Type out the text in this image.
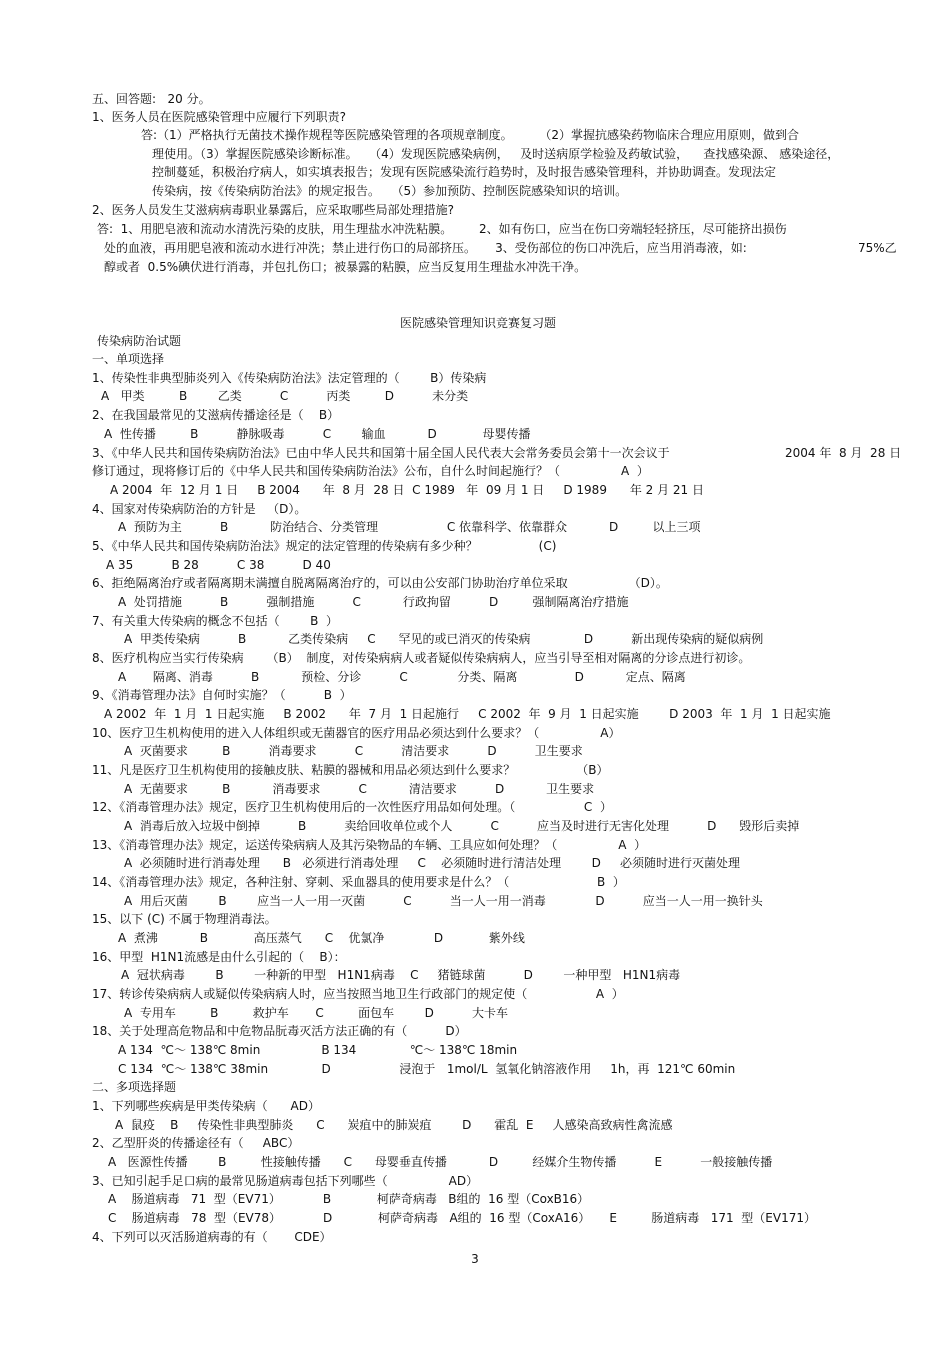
五、回答题:   20 分。

1、医务人员在医院感染管理中应履行下列职责?

答:（1）严格执行无菌技术操作规程等医院感染管理的各项规章制度。       （2）掌握抗感染药物临床合理应用原则，做到合

理使用。（3）掌握医院感染诊断标准。   （4）发现医院感染病例，   及时送病原学检验及药敏试验，    查找感染源、 感染途径，

控制蔓延，积极治疗病人，如实填表报告；发现有医院感染流行趋势时，及时报告感染管理科，并协助调查。发现法定

传染病，按《传染病防治法》的规定报告。   （5）参加预防、控制医院感染知识的培训。

2、医务人员发生艾滋病病毒职业暴露后，应采取哪些局部处理措施?

答:  1、用肥皂液和流动水清洗污染的皮肤，用生理盐水冲洗粘膜。       2、如有伤口，应当在伤口旁端轻轻挤压，尽可能挤出损伤

处的血液，再用肥皂液和流动水进行冲洗；禁止进行伤口的局部挤压。     3、受伤部位的伤口冲洗后，应当用消毒液，如:	75%乙

醇或者  0.5%碘伏进行消毒，并包扎伤口；被暴露的粘膜，应当反复用生理盐水冲洗干净。

医院感染管理知识竞赛复习题

传染病防治试题

一、单项选择

1、传染性非典型肺炎列入《传染病防治法》法定管理的（        B）传染病

A   甲类         B        乙类          C          丙类         D          未分类

2、在我国最常见的艾滋病传播途径是（    B）

A  性传播         B          静脉吸毒          C        输血           D            母婴传播

3、《中华人民共和国传染病防治法》已由中华人民共和国第十届全国人民代表大会常务委员会第十一次会议于	2004 年  8 月  28 日

修订通过，现将修订后的《中华人民共和国传染病防治法》公布，自什么时间起施行？（                A  ）

A 2004  年  12 月 1 日     B 2004      年  8 月  28 日  C 1989   年  09 月 1 日     D 1989      年 2 月 21 日

4、国家对传染病防治的方针是   （D）。

A  预防为主          B           防治结合、分类管理                  C 依靠科学、依靠群众           D         以上三项

5、《中华人民共和国传染病防治法》规定的法定管理的传染病有多少种？                (C)

A 35          B 28          C 38          D 40

6、拒绝隔离治疗或者隔离期未满擅自脱离隔离治疗的，可以由公安部门协助治疗单位采取                （D）。

A  处罚措施          B          强制措施          C           行政拘留          D         强制隔离治疗措施

7、有关重大传染病的概念不包括（        B  ）

A  甲类传染病          B           乙类传染病     C      罕见的或已消灭的传染病              D          新出现传染病的疑似病例

8、医疗机构应当实行传染病      （B）  制度，对传染病病人或者疑似传染病病人，应当引导至相对隔离的分诊点进行初诊。

A       隔离、消毒          B           预检、分诊          C             分类、隔离               D           定点、隔离

9、《消毒管理办法》自何时实施？（          B  ）

A 2002  年  1 月  1 日起实施     B 2002      年  7 月  1 日起施行     C 2002  年  9 月  1 日起实施        D 2003  年  1 月  1 日起实施

10、医疗卫生机构使用的进入人体组织或无菌器官的医疗用品必须达到什么要求？（                A）

A  灭菌要求         B          消毒要求          C          清洁要求          D          卫生要求

11、凡是医疗卫生机构使用的接触皮肤、粘膜的器械和用品必须达到什么要求？                （B）

A  无菌要求         B           消毒要求          C           清洁要求          D           卫生要求

12、《消毒管理办法》规定，医疗卫生机构使用后的一次性医疗用品如何处理。（                  C  ）

A  消毒后放入垃圾中倒掉          B          卖给回收单位或个人          C          应当及时进行无害化处理          D      毁形后卖掉

13、《消毒管理办法》规定，运送传染病病人及其污染物品的车辆、工具应如何处理？（                A  ）

A  必须随时进行消毒处理      B   必须进行消毒处理     C    必须随时进行清洁处理        D     必须随时进行灭菌处理

14、《消毒管理办法》规定，各种注射、穿刺、采血器具的使用要求是什么？（                       B  ）

A  用后灭菌        B        应当一人一用一灭菌          C          当一人一用一消毒             D          应当一人一用一换针头

15、以下 (C) 不属于物理消毒法。

A  煮沸           B            高压蒸气      C    优氯净             D            紫外线

16、甲型  H1N1流感是由什么引起的（    B）：

A  冠状病毒        B        一种新的甲型   H1N1病毒    C     猪链球菌          D        一种甲型   H1N1病毒

17、转诊传染病病人或疑似传染病病人时，应当按照当地卫生行政部门的规定使（                  A  ）

A  专用车         B         救护车       C         面包车        D          大卡车

18、关于处理高危物品和中危物品朊毒灭活方法正确的有（          D）

A 134  ℃～ 138℃ 8min                B 134              ℃～ 138℃ 18min

C 134  ℃～ 138℃ 38min              D                  浸泡于   1mol/L  氢氧化钠溶液作用     1h，再  121℃ 60min

二、多项选择题

1、下列哪些疾病是甲类传染病（      AD）

A  鼠疫    B     传染性非典型肺炎      C      炭疽中的肺炭疽        D      霍乱  E     人感染高致病性禽流感

2、乙型肝炎的传播途径有（     ABC）

A   医源性传播        B         性接触传播      C      母婴垂直传播           D         经媒介生物传播          E          一般接触传播

3、已知引起手足口病的最常见肠道病毒包括下列哪些（                AD）

A    肠道病毒   71  型（EV71）           B            柯萨奇病毒   B组的  16 型（CoxB16）

C    肠道病毒   78  型（EV78）           D            柯萨奇病毒   A组的  16 型（CoxA16）     E         肠道病毒   171  型（EV171）

4、下列可以灭活肠道病毒的有（       CDE）

3
